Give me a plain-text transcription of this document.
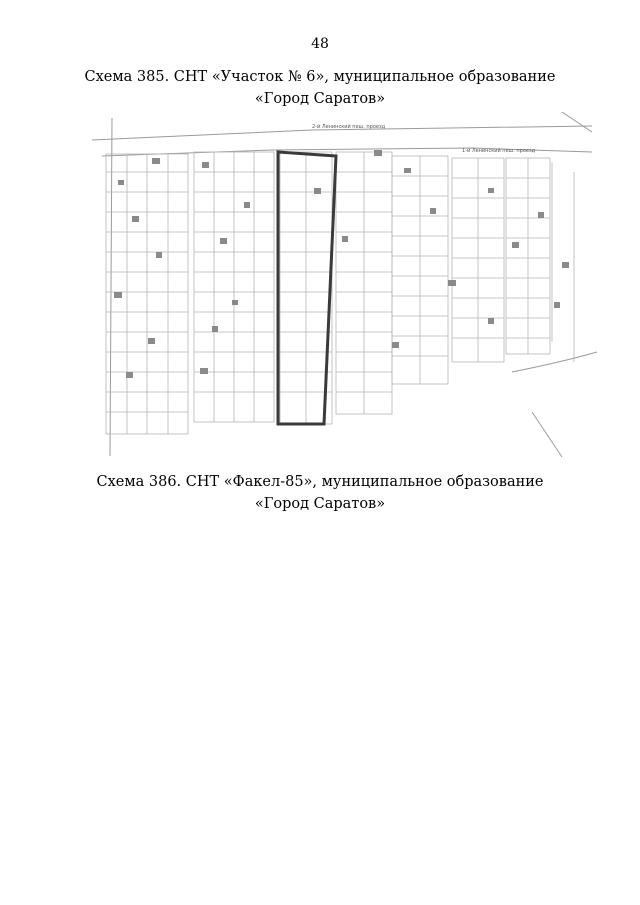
48
Схема 385. СНТ «Участок № 6», муниципальное образование «Город Саратов»
2-й Ленинский пеш. проезд
1-й Ленинский пеш. проезд
Схема 386. СНТ «Факел-85», муниципальное образование «Город Саратов»
